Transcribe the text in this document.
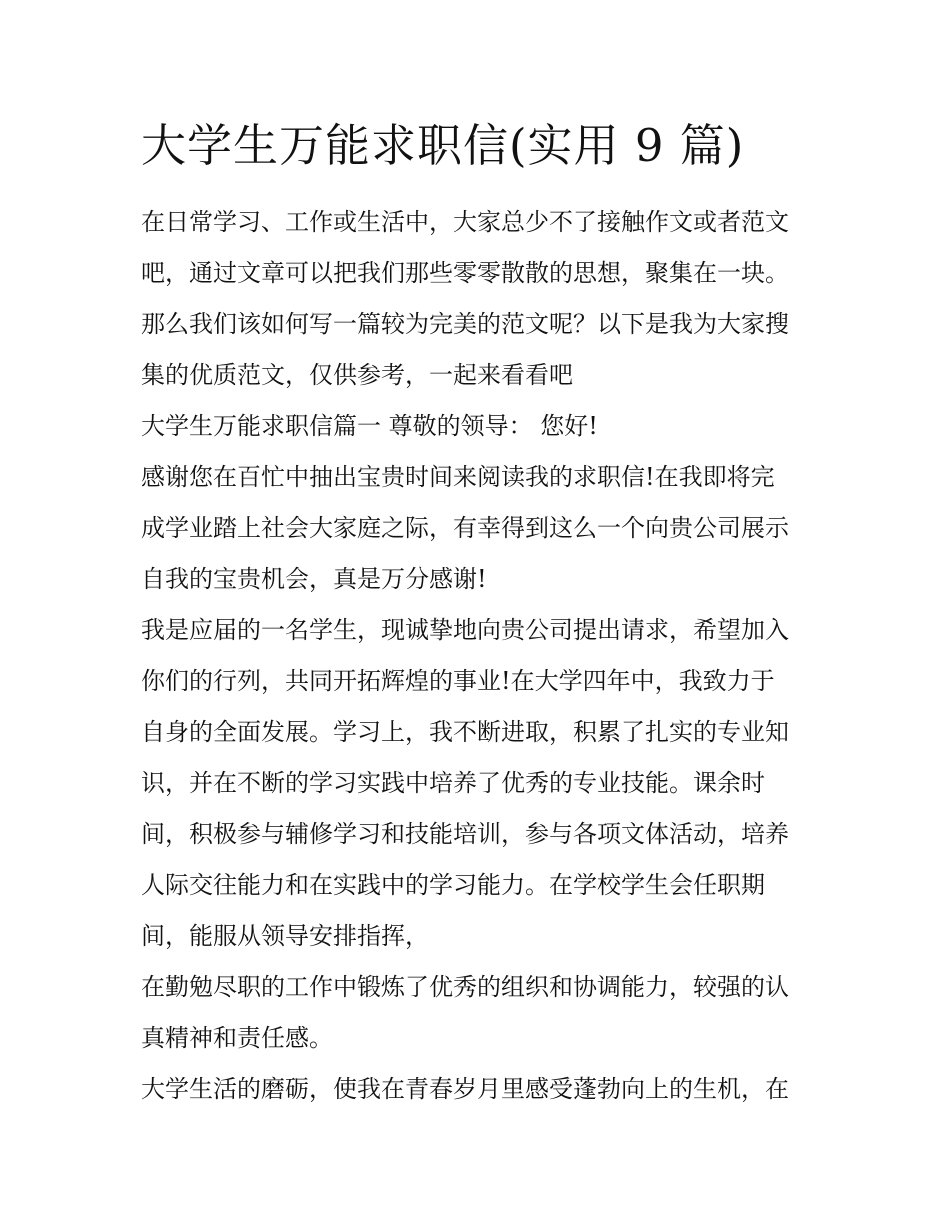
大学生万能求职信(实用 9 篇)

在日常学习、工作或生活中，大家总少不了接触作文或者范文

吧，通过文章可以把我们那些零零散散的思想，聚集在一块。

那么我们该如何写一篇较为完美的范文呢？以下是我为大家搜

集的优质范文，仅供参考，一起来看看吧

大学生万能求职信篇一 尊敬的领导： 您好!

感谢您在百忙中抽出宝贵时间来阅读我的求职信!在我即将完

成学业踏上社会大家庭之际，有幸得到这么一个向贵公司展示

自我的宝贵机会，真是万分感谢!

我是应届的一名学生，现诚挚地向贵公司提出请求，希望加入

你们的行列，共同开拓辉煌的事业!在大学四年中，我致力于

自身的全面发展。学习上，我不断进取，积累了扎实的专业知

识，并在不断的学习实践中培养了优秀的专业技能。课余时

间，积极参与辅修学习和技能培训，参与各项文体活动，培养

人际交往能力和在实践中的学习能力。在学校学生会任职期

间，能服从领导安排指挥，

在勤勉尽职的工作中锻炼了优秀的组织和协调能力，较强的认

真精神和责任感。

大学生活的磨砺，使我在青春岁月里感受蓬勃向上的生机，在
